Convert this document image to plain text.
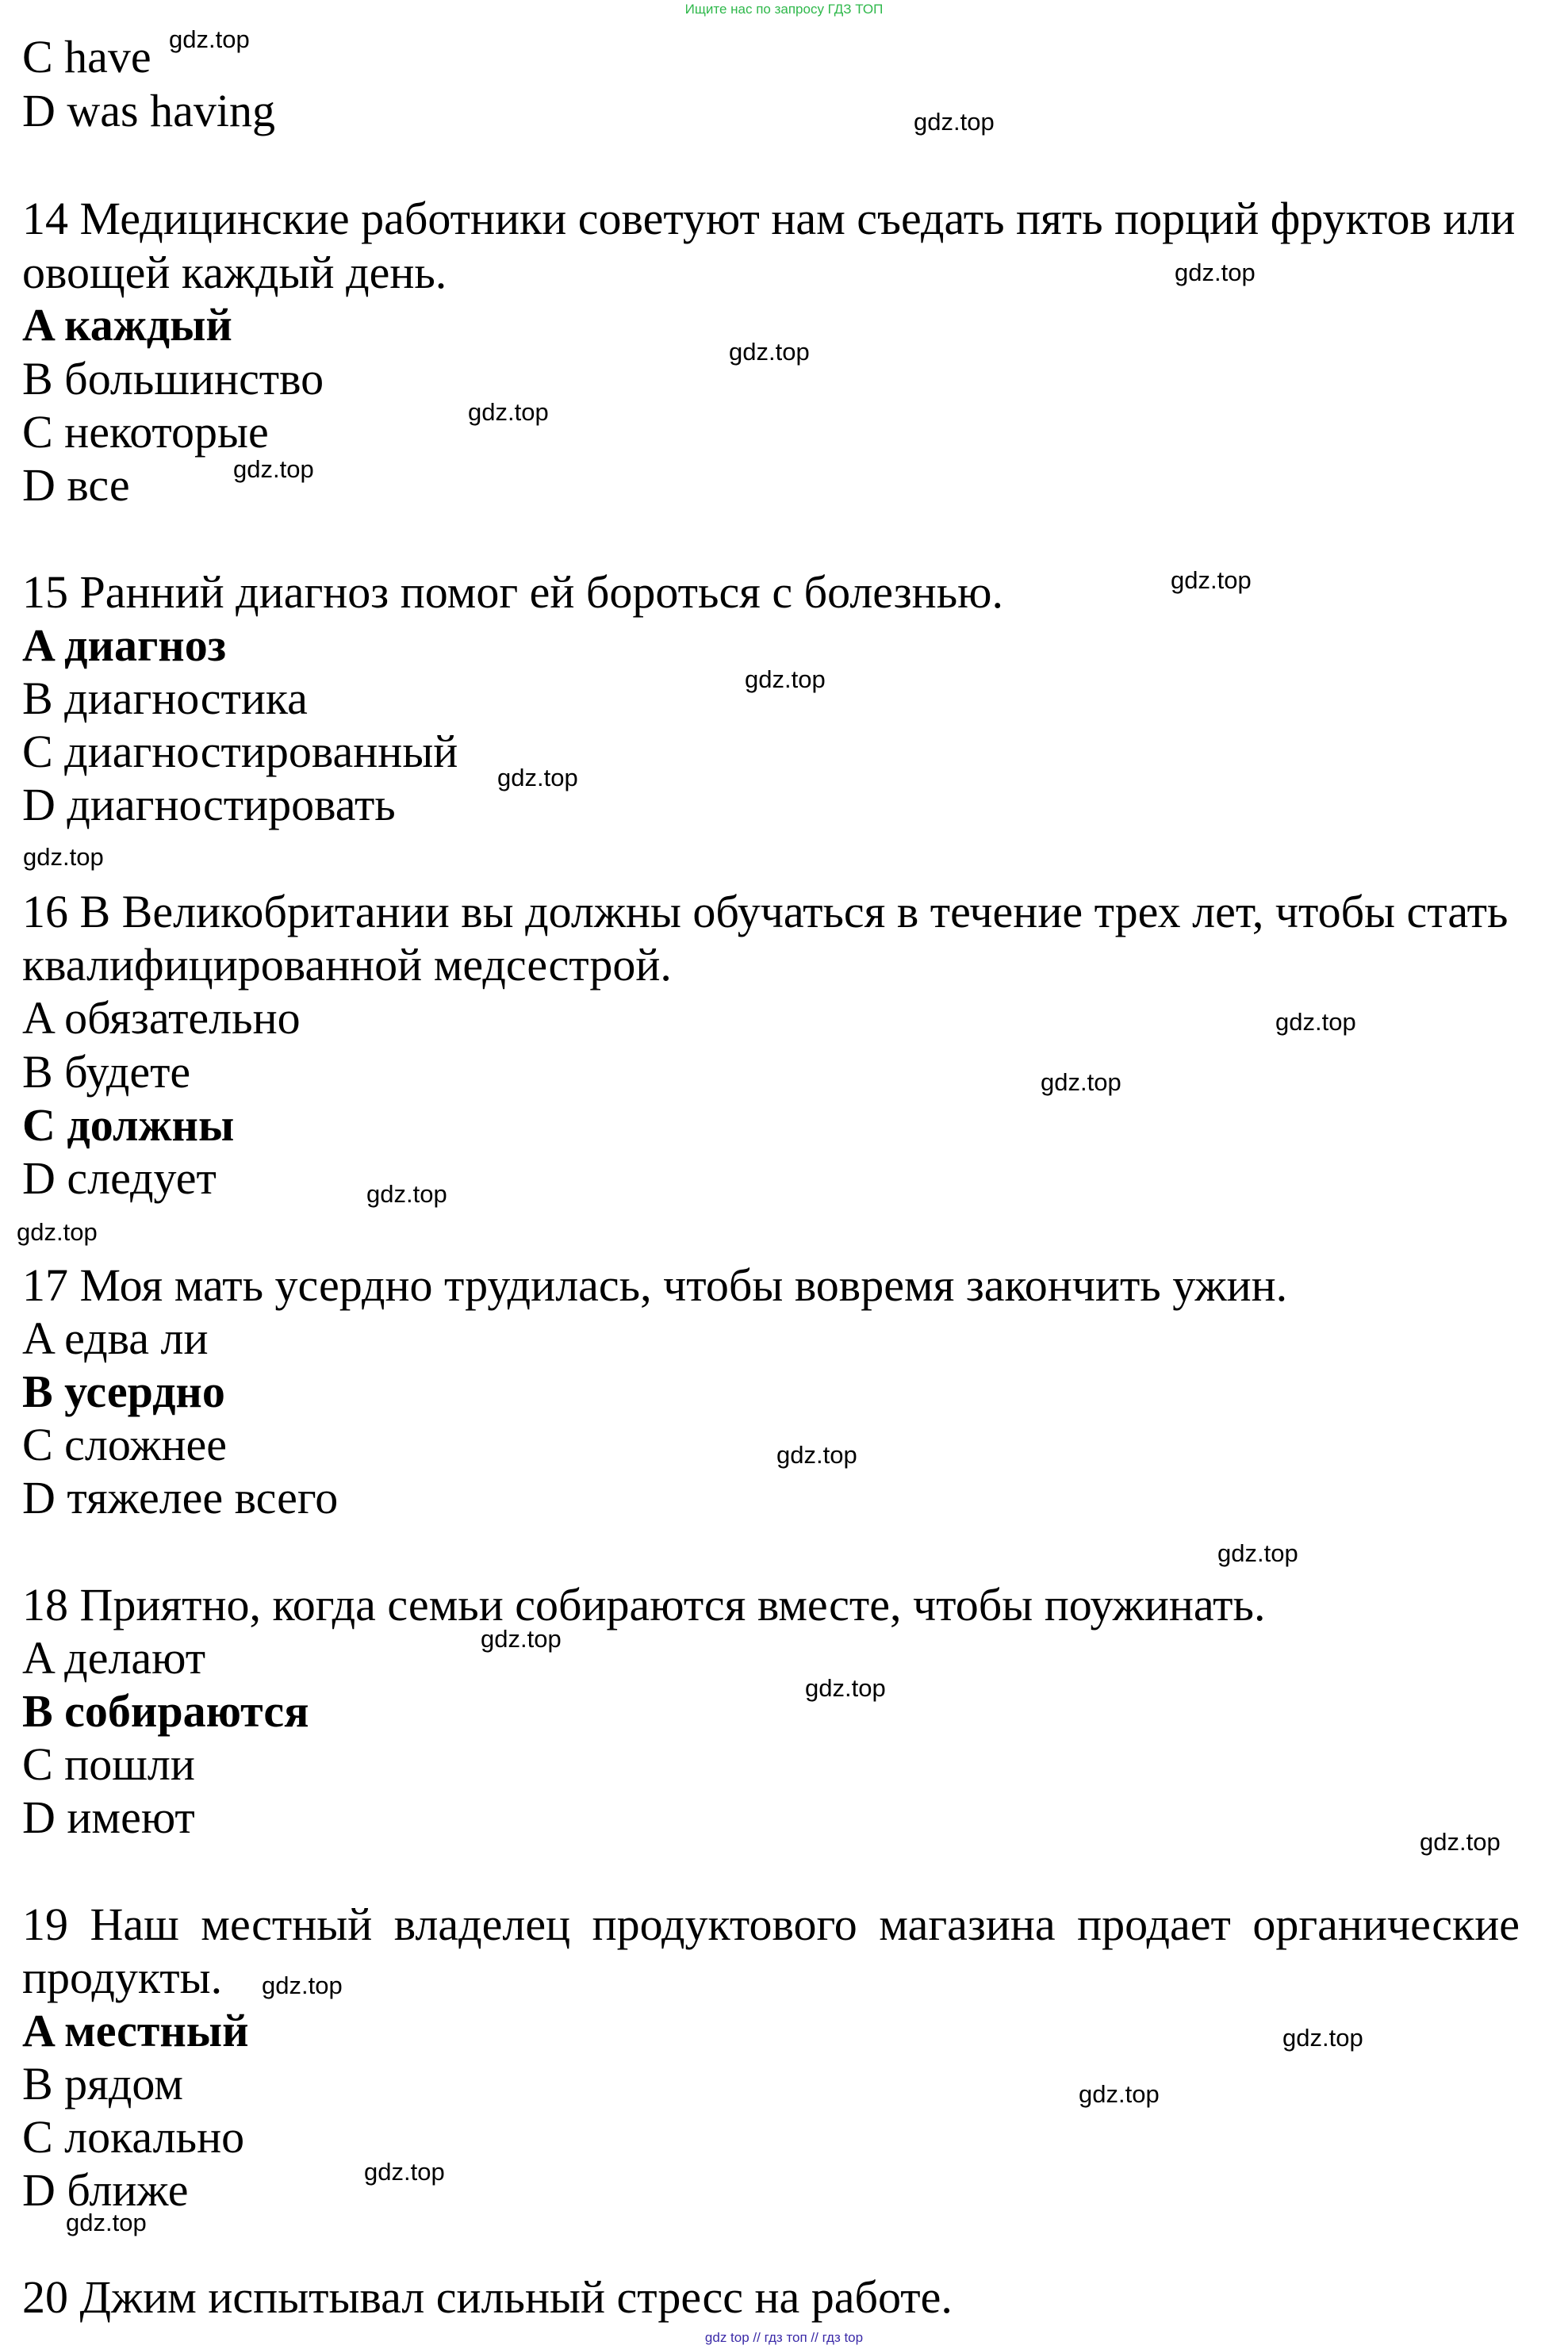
Ищите нас по запросу ГДЗ ТОП
C have
D was having
14 Медицинские работники советуют нам съедать пять порций фруктов или
овощей каждый день.
A каждый
B большинство
C некоторые
D все
15 Ранний диагноз помог ей бороться с болезнью.
A диагноз
B диагностика
C диагностированный
D диагностировать
16 В Великобритании вы должны обучаться в течение трех лет, чтобы стать
квалифицированной медсестрой.
A обязательно
B будете
C должны
D следует
17 Моя мать усердно трудилась, чтобы вовремя закончить ужин.
A едва ли
B усердно
C сложнее
D тяжелее всего
18 Приятно, когда семьи собираются вместе, чтобы поужинать.
A делают
B собираются
C пошли
D имеют
19 Наш местный владелец продуктового магазина продает органические
продукты.
A местный
B рядом
C локально
D ближе
20 Джим испытывал сильный стресс на работе.
gdz.top
gdz.top
gdz.top
gdz.top
gdz.top
gdz.top
gdz.top
gdz.top
gdz.top
gdz.top
gdz.top
gdz.top
gdz.top
gdz.top
gdz.top
gdz.top
gdz.top
gdz.top
gdz.top
gdz.top
gdz.top
gdz.top
gdz.top
gdz.top
gdz top // гдз топ // гдз top
